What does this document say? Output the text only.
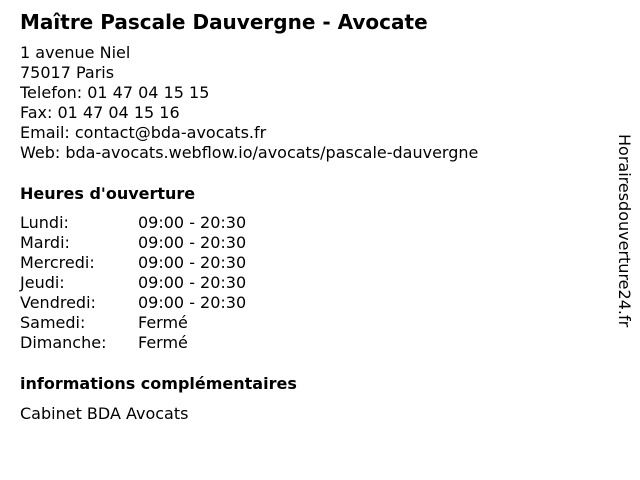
Maître Pascale Dauvergne - Avocate
1 avenue Niel
75017 Paris
Telefon: 01 47 04 15 15
Fax: 01 47 04 15 16
Email: contact@bda-avocats.fr
Web: bda-avocats.webflow.io/avocats/pascale-dauvergne
Heures d'ouverture
Lundi:	09:00 - 20:30
Mardi:	09:00 - 20:30
Mercredi:	09:00 - 20:30
Jeudi:	09:00 - 20:30
Vendredi:	09:00 - 20:30
Samedi:	Fermé
Dimanche: Fermé
informations complémentaires
Cabinet BDA Avocats
Horairesdouverture24.fr
